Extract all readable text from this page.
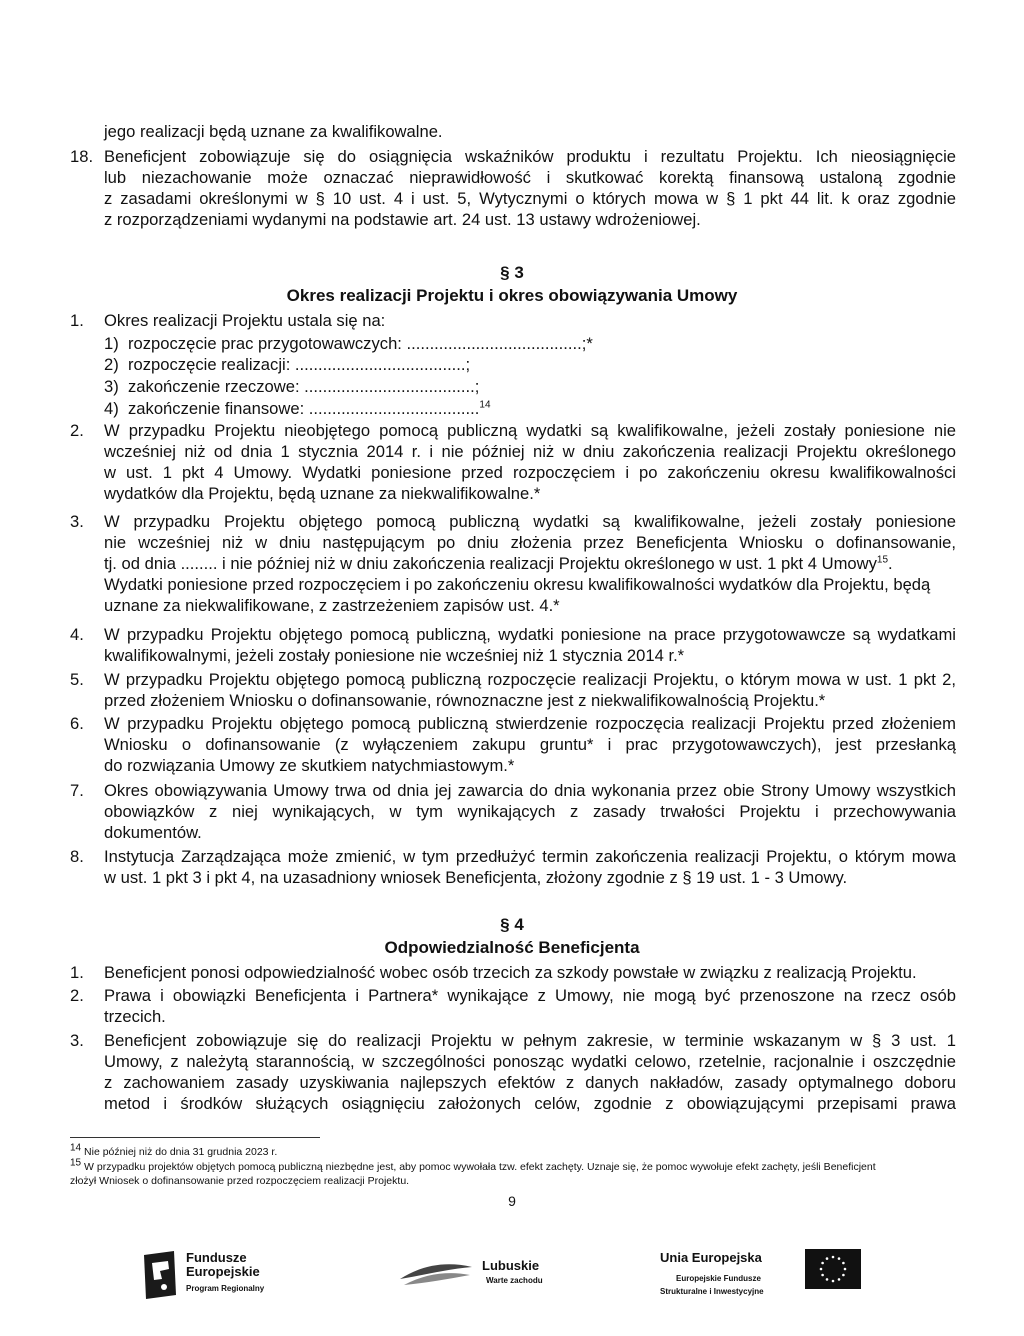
jego realizacji będą uznane za kwalifikowalne.
18. Beneficjent zobowiązuje się do osiągnięcia wskaźników produktu i rezultatu Projektu. Ich nieosiągnięcie
lub niezachowanie może oznaczać nieprawidłowość i skutkować korektą finansową ustaloną zgodnie
z zasadami określonymi w § 10 ust. 4 i ust. 5, Wytycznymi o których mowa w § 1 pkt 44 lit. k oraz zgodnie
z rozporządzeniami wydanymi na podstawie art. 24 ust. 13 ustawy wdrożeniowej.
§ 3
Okres realizacji Projektu i okres obowiązywania Umowy
1.	Okres realizacji Projektu ustala się na:
1) rozpoczęcie prac przygotowawczych: ......................................;*
2) rozpoczęcie realizacji: .....................................;
3) zakończenie rzeczowe: .....................................;
4) zakończenie finansowe: .....................................$^{14}$
2.	W przypadku Projektu nieobjętego pomocą publiczną wydatki są kwalifikowalne, jeżeli zostały poniesione nie
wcześniej niż od dnia 1 stycznia 2014 r. i nie później niż w dniu zakończenia realizacji Projektu określonego
w ust. 1 pkt 4 Umowy. Wydatki poniesione przed rozpoczęciem i po zakończeniu okresu kwalifikowalności
wydatków dla Projektu, będą uznane za niekwalifikowalne.*
3.	W przypadku Projektu objętego pomocą publiczną wydatki są kwalifikowalne, jeżeli zostały poniesione
nie wcześniej niż w dniu następującym po dniu złożenia przez Beneficjenta Wniosku o dofinansowanie,
tj. od dnia ........ i nie później niż w dniu zakończenia realizacji Projektu określonego w ust. 1 pkt 4 Umowy$^{15}$.
Wydatki poniesione przed rozpoczęciem i po zakończeniu okresu kwalifikowalności wydatków dla Projektu, będą
uznane za niekwalifikowane, z zastrzeżeniem zapisów ust. 4.*
4.	W przypadku Projektu objętego pomocą publiczną, wydatki poniesione na prace przygotowawcze są wydatkami
kwalifikowalnymi, jeżeli zostały poniesione nie wcześniej niż 1 stycznia 2014 r.*
5.	W przypadku Projektu objętego pomocą publiczną rozpoczęcie realizacji Projektu, o którym mowa w ust. 1 pkt 2,
przed złożeniem Wniosku o dofinansowanie, równoznaczne jest z niekwalifikowalnością Projektu.*
6.	W przypadku Projektu objętego pomocą publiczną stwierdzenie rozpoczęcia realizacji Projektu przed złożeniem
Wniosku o dofinansowanie (z wyłączeniem zakupu gruntu* i prac przygotowawczych), jest przesłanką
do rozwiązania Umowy ze skutkiem natychmiastowym.*
7.	Okres obowiązywania Umowy trwa od dnia jej zawarcia do dnia wykonania przez obie Strony Umowy wszystkich
obowiązków z niej wynikających, w tym wynikających z zasady trwałości Projektu i przechowywania
dokumentów.
8.	Instytucja Zarządzająca może zmienić, w tym przedłużyć termin zakończenia realizacji Projektu, o którym mowa
w ust. 1 pkt 3 i pkt 4, na uzasadniony wniosek Beneficjenta, złożony zgodnie z § 19 ust. 1 - 3 Umowy.
§ 4
Odpowiedzialność Beneficjenta
1.	Beneficjent ponosi odpowiedzialność wobec osób trzecich za szkody powstałe w związku z realizacją Projektu.
2.	Prawa i obowiązki Beneficjenta i Partnera* wynikające z Umowy, nie mogą być przenoszone na rzecz osób
trzecich.
3.	Beneficjent zobowiązuje się do realizacji Projektu w pełnym zakresie, w terminie wskazanym w § 3 ust. 1
Umowy, z należytą starannością, w szczególności ponosząc wydatki celowo, rzetelnie, racjonalnie i oszczędnie
z zachowaniem zasady uzyskiwania najlepszych efektów z danych nakładów, zasady optymalnego doboru
metod i środków służących osiągnięciu założonych celów, zgodnie z obowiązującymi przepisami prawa
$^{14}$ Nie później niż do dnia 31 grudnia 2023 r.
$^{15}$ W przypadku projektów objętych pomocą publiczną niezbędne jest, aby pomoc wywołała tzw. efekt zachęty. Uznaje się, że pomoc wywołuje efekt zachęty, jeśli Beneficjent
złożył Wniosek o dofinansowanie przed rozpoczęciem realizacji Projektu.
9
Fundusze
Europejskie
Program Regionalny
Lubuskie
Warte zachodu
Unia Europejska
Europejskie Fundusze
Strukturalne i Inwestycyjne
